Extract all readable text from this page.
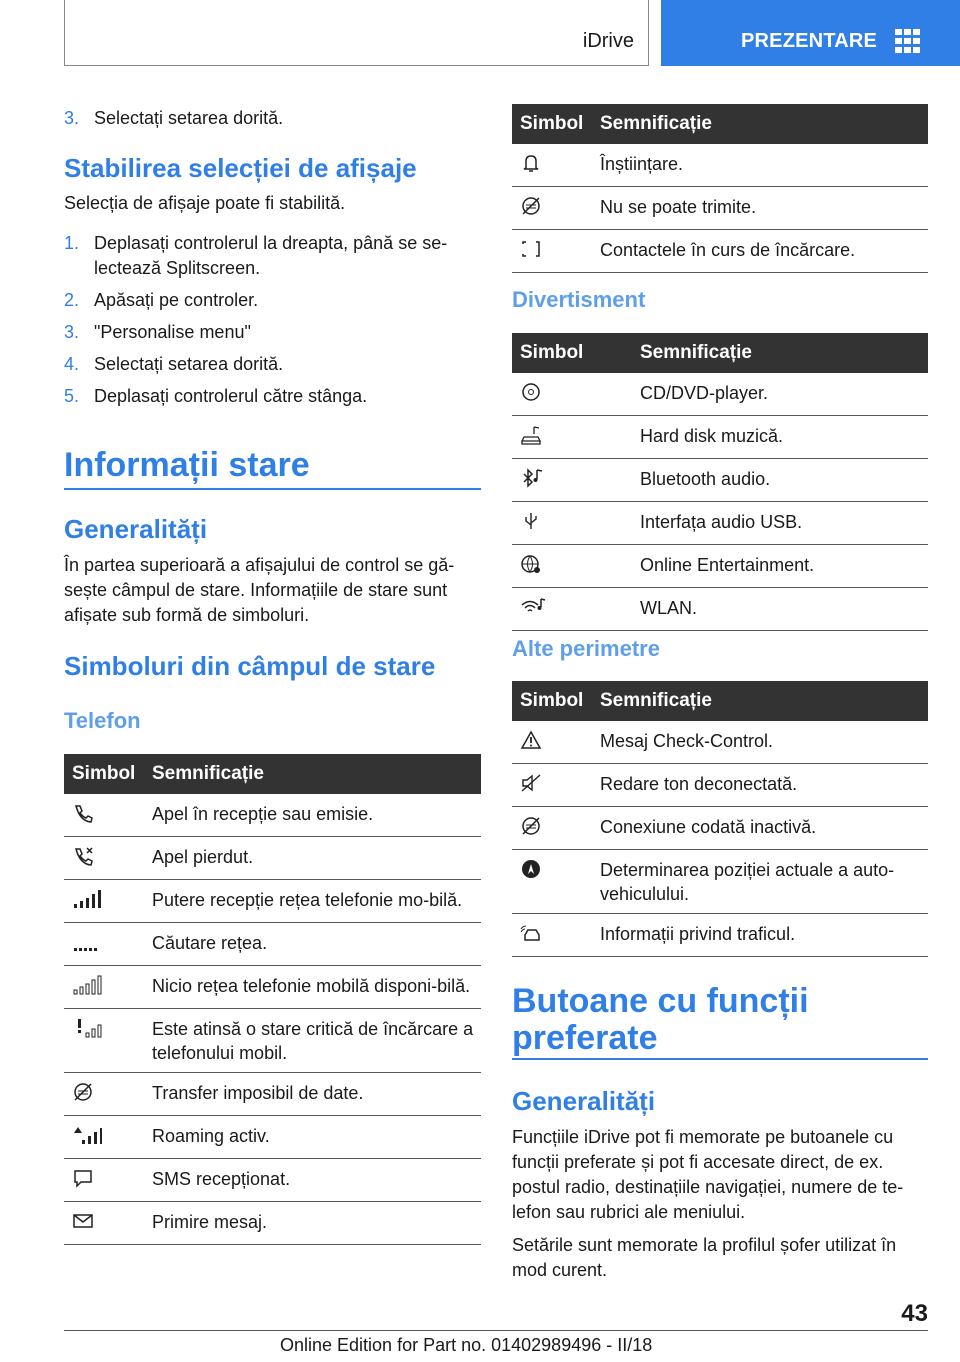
iDrive	PREZENTARE
3. Selectați setarea dorită.
Stabilirea selecției de afișaje
Selecția de afișaje poate fi stabilită.
1. Deplasați controlerul la dreapta, până se se-lectează Splitscreen.
2. Apăsați pe controler.
3. "Personalise menu"
4. Selectați setarea dorită.
5. Deplasați controlerul către stânga.
Informații stare
Generalități
În partea superioară a afișajului de control se gă-sește câmpul de stare. Informațiile de stare sunt afișate sub formă de simboluri.
Simboluri din câmpul de stare
Telefon
Simbol	Semnificație
	Apel în recepție sau emisie.
	Apel pierdut.
	Putere recepție rețea telefonie mo-bilă.
	Căutare rețea.
	Nicio rețea telefonie mobilă disponi-bilă.
	Este atinsă o stare critică de încărcare a telefonului mobil.
	Transfer imposibil de date.
	Roaming activ.
	SMS recepționat.
	Primire mesaj.
Simbol	Semnificație
	Înștiințare.
	Nu se poate trimite.
	Contactele în curs de încărcare.
Divertisment
Simbol	Semnificație
	CD/DVD-player.
	Hard disk muzică.
	Bluetooth audio.
	Interfața audio USB.
	Online Entertainment.
	WLAN.
Alte perimetre
Simbol	Semnificație
	Mesaj Check-Control.
	Redare ton deconectată.
	Conexiune codată inactivă.
	Determinarea poziției actuale a auto-vehiculului.
	Informații privind traficul.
Butoane cu funcții preferate
Generalități
Funcțiile iDrive pot fi memorate pe butoanele cu funcții preferate și pot fi accesate direct, de ex. postul radio, destinațiile navigației, numere de te-lefon sau rubrici ale meniului.
Setările sunt memorate la profilul șofer utilizat în mod curent.
43
Online Edition for Part no. 01402989496 - II/18
